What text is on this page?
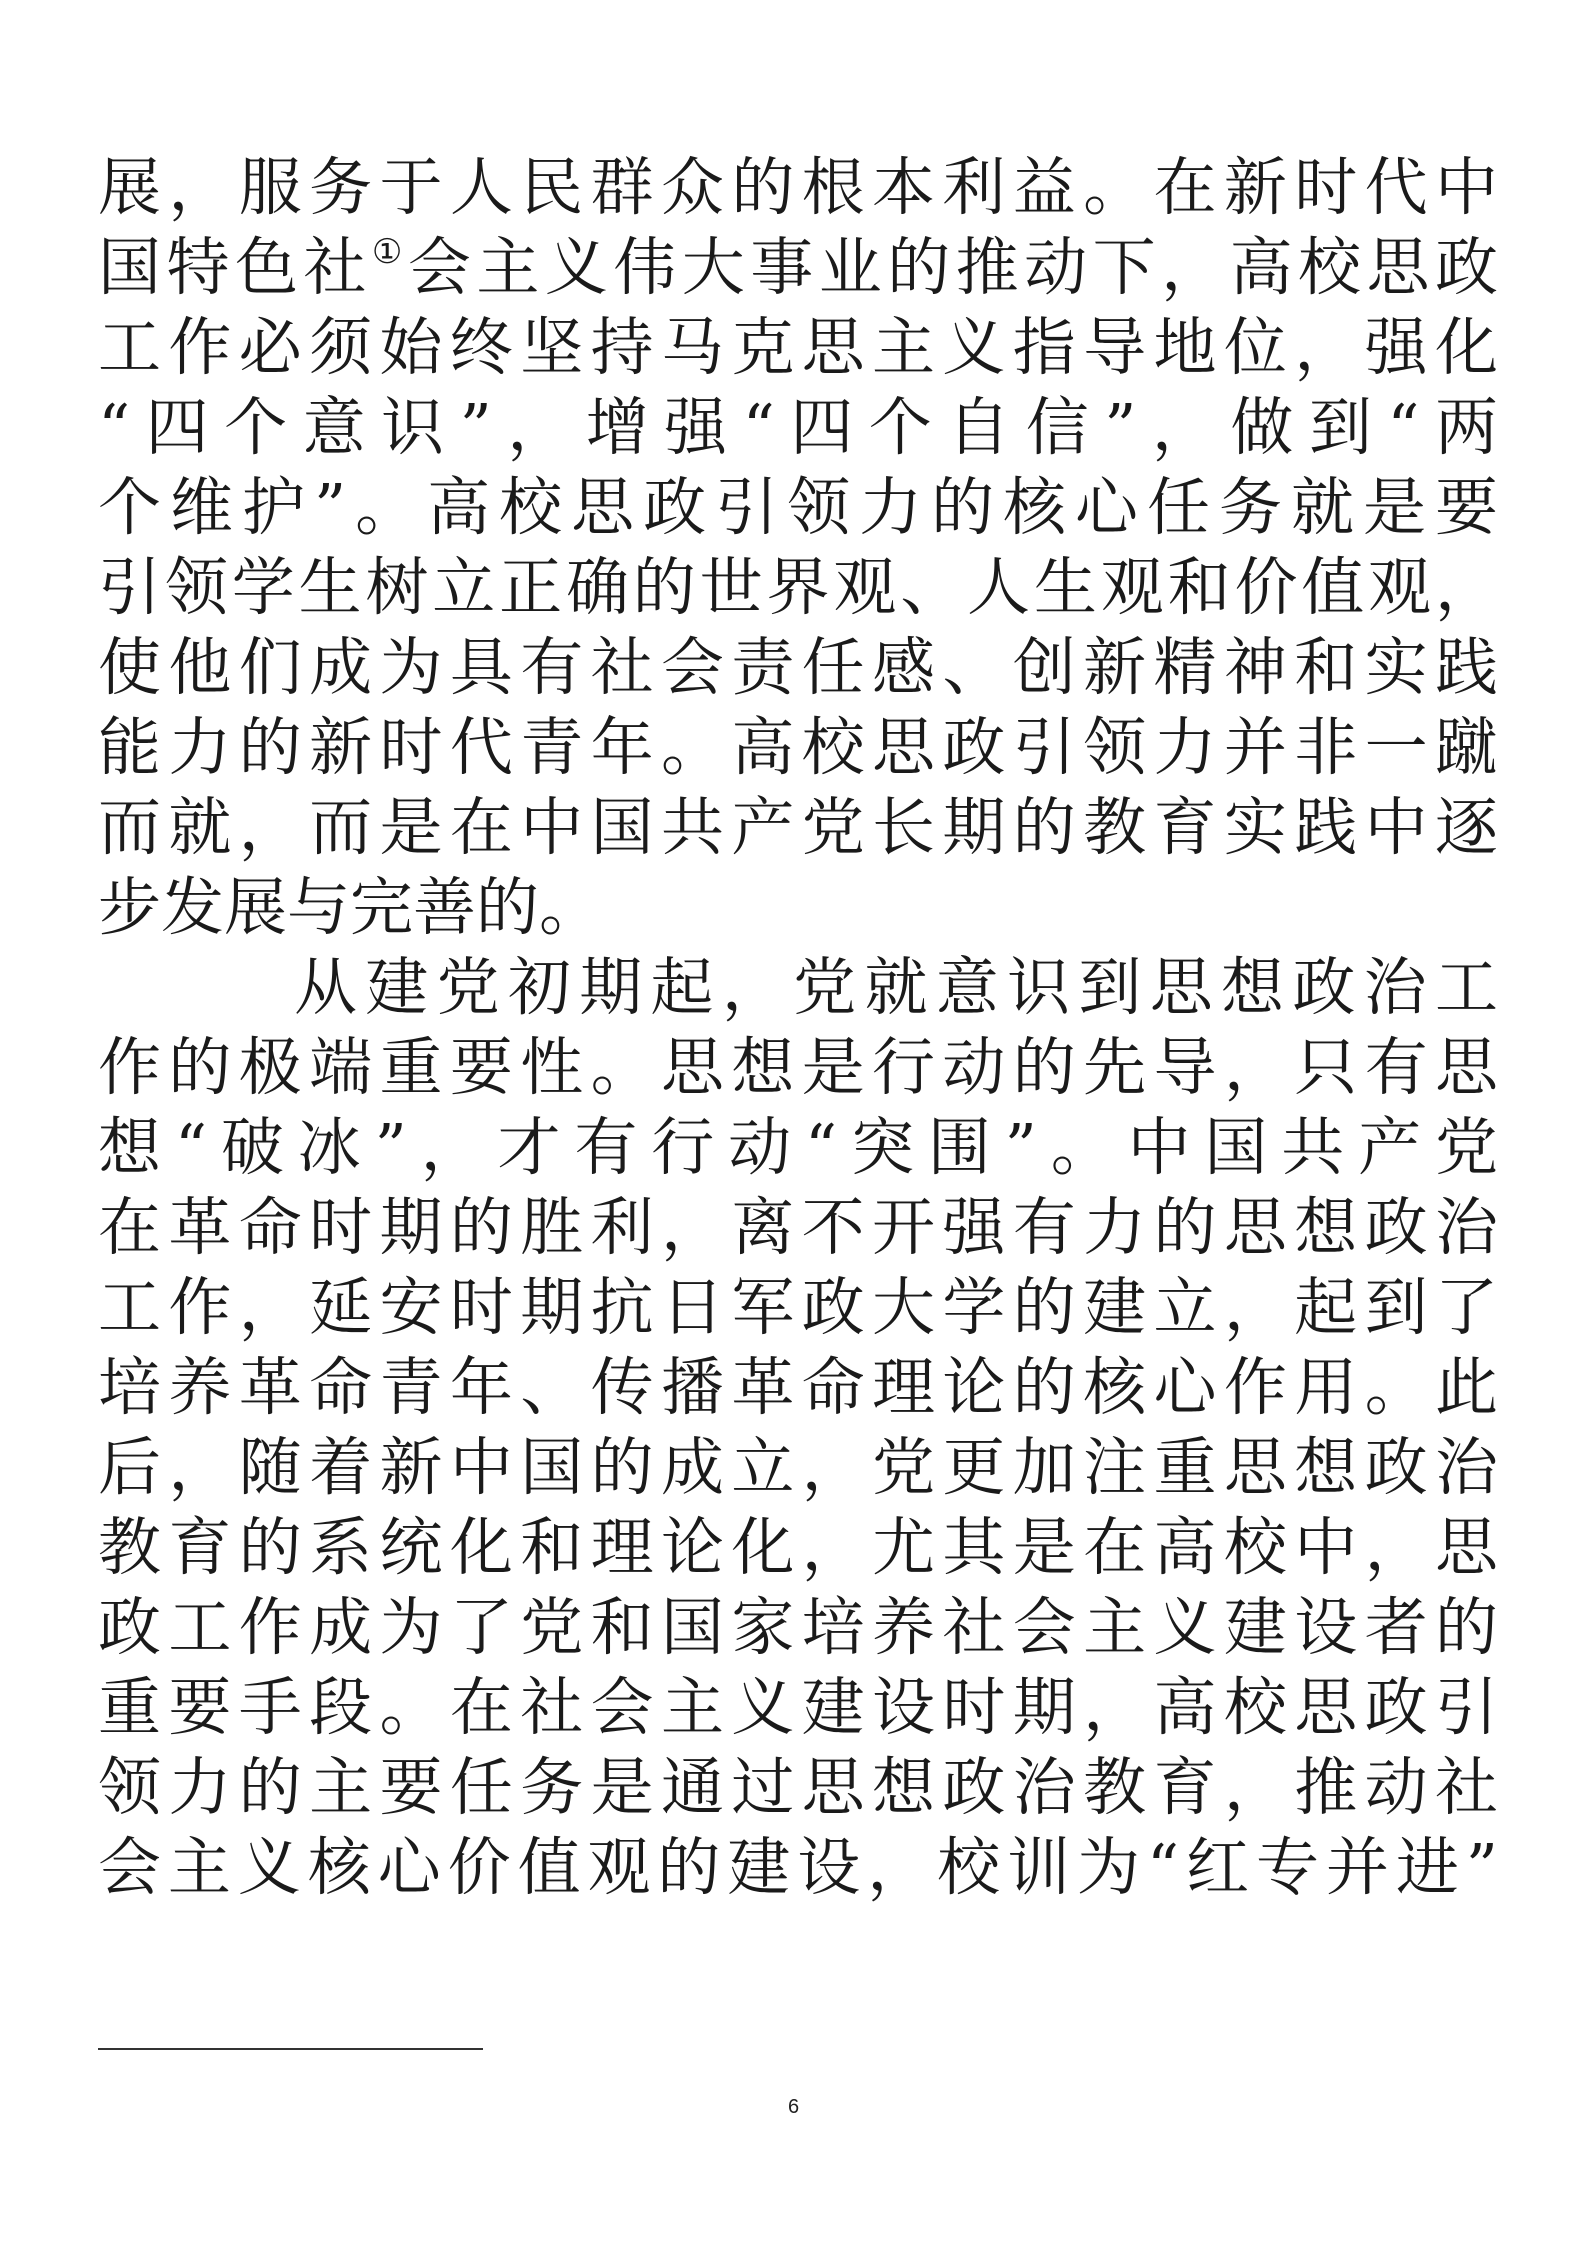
展，服务于人民群众的根本利益。在新时代中
国特色社①会主义伟大事业的推动下，高校思政
工作必须始终坚持马克思主义指导地位，强化
“四个意识”，增强“四个自信”，做到“两
个维护”。高校思政引领力的核心任务就是要
引领学生树立正确的世界观、人生观和价值观，
使他们成为具有社会责任感、创新精神和实践
能力的新时代青年。高校思政引领力并非一蹴
而就，而是在中国共产党长期的教育实践中逐
步发展与完善的。
从建党初期起，党就意识到思想政治工
作的极端重要性。思想是行动的先导，只有思
想“破冰”，才有行动“突围”。中国共产党
在革命时期的胜利，离不开强有力的思想政治
工作，延安时期抗日军政大学的建立，起到了
培养革命青年、传播革命理论的核心作用。此
后，随着新中国的成立，党更加注重思想政治
教育的系统化和理论化，尤其是在高校中，思
政工作成为了党和国家培养社会主义建设者的
重要手段。在社会主义建设时期，高校思政引
领力的主要任务是通过思想政治教育，推动社
会主义核心价值观的建设，校训为“红专并进”
6
